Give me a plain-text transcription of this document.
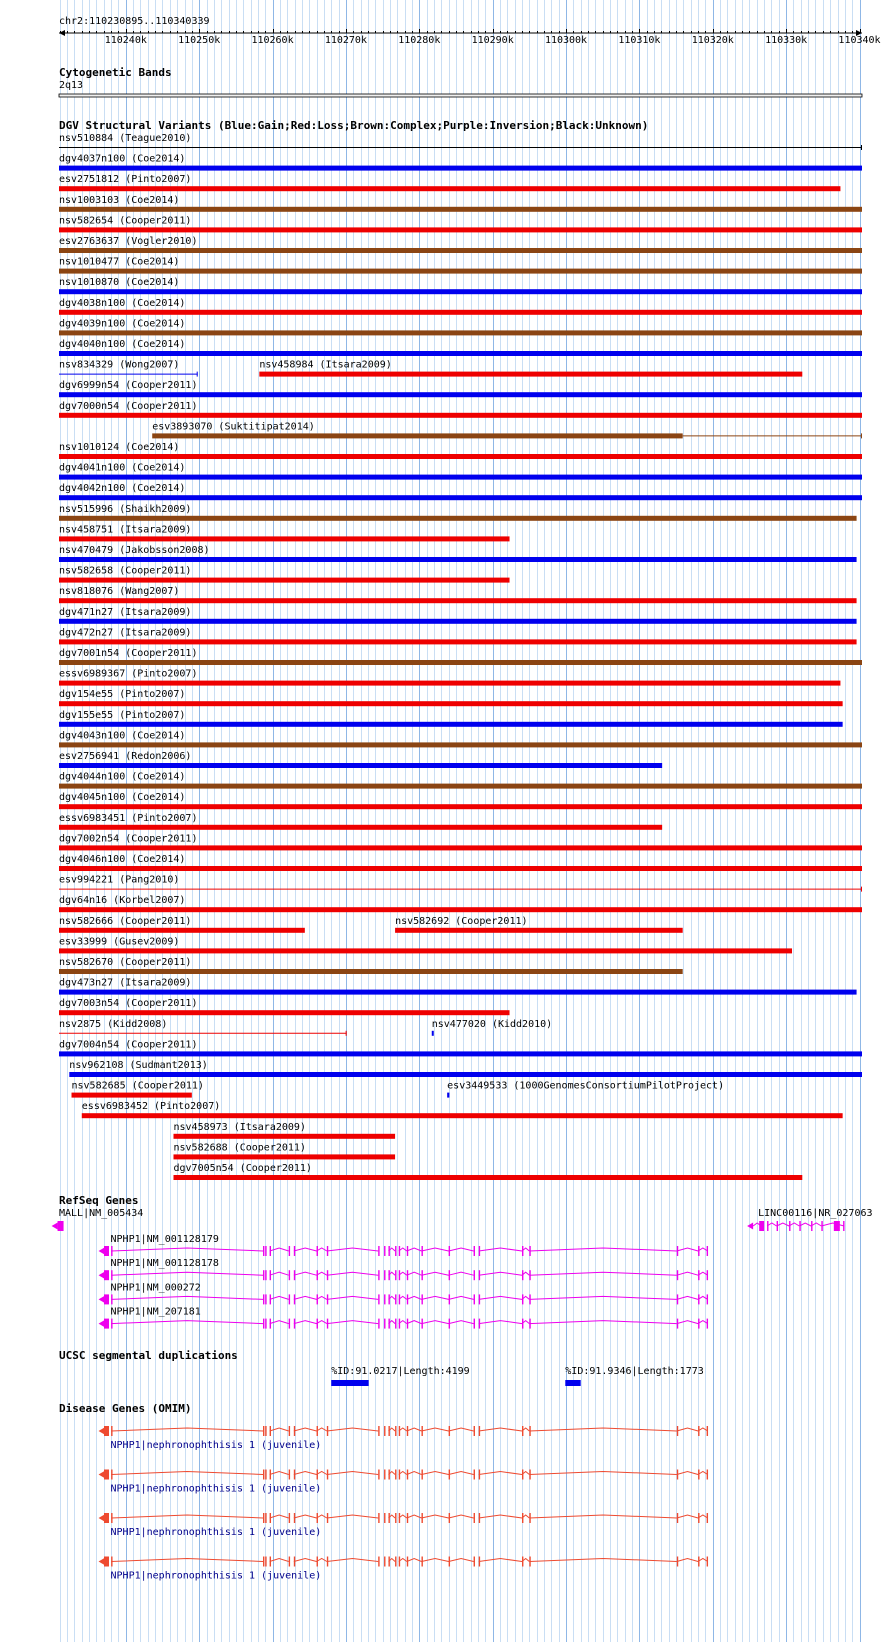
chr2:110230895..110340339
110240k	110250k	110260k	110270k	110280k	110290k	110300k	110310k	110320k	110330k	110340k
Cytogenetic Bands
2q13
DGV Structural Variants (Blue:Gain;Red:Loss;Brown:Complex;Purple:Inversion;Black:Unknown)
nsv510884 (Teague2010)
dgv4037n100 (Coe2014)
esv2751812 (Pinto2007)
nsv1003103 (Coe2014)
nsv582654 (Cooper2011)
esv2763637 (Vogler2010)
nsv1010477 (Coe2014)
nsv1010870 (Coe2014)
dgv4038n100 (Coe2014)
dgv4039n100 (Coe2014)
dgv4040n100 (Coe2014)
nsv834329 (Wong2007)	nsv458984 (Itsara2009)
dgv6999n54 (Cooper2011)
dgv7000n54 (Cooper2011)
esv3893070 (Suktitipat2014)
nsv1010124 (Coe2014)
dgv4041n100 (Coe2014)
dgv4042n100 (Coe2014)
nsv515996 (Shaikh2009)
nsv458751 (Itsara2009)
nsv470479 (Jakobsson2008)
nsv582658 (Cooper2011)
nsv818076 (Wang2007)
dgv471n27 (Itsara2009)
dgv472n27 (Itsara2009)
dgv7001n54 (Cooper2011)
essv6989367 (Pinto2007)
dgv154e55 (Pinto2007)
dgv155e55 (Pinto2007)
dgv4043n100 (Coe2014)
esv2756941 (Redon2006)
dgv4044n100 (Coe2014)
dgv4045n100 (Coe2014)
essv6983451 (Pinto2007)
dgv7002n54 (Cooper2011)
dgv4046n100 (Coe2014)
esv994221 (Pang2010)
dgv64n16 (Korbel2007)
nsv582666 (Cooper2011)	nsv582692 (Cooper2011)
esv33999 (Gusev2009)
nsv582670 (Cooper2011)
dgv473n27 (Itsara2009)
dgv7003n54 (Cooper2011)
nsv2875 (Kidd2008)	nsv477020 (Kidd2010)
dgv7004n54 (Cooper2011)
nsv962108 (Sudmant2013)
nsv582685 (Cooper2011)	esv3449533 (1000GenomesConsortiumPilotProject)
essv6983452 (Pinto2007)
nsv458973 (Itsara2009)
nsv582688 (Cooper2011)
dgv7005n54 (Cooper2011)
RefSeq Genes
MALL|NM_005434	LINC00116|NR_027063
NPHP1|NM_001128179
NPHP1|NM_001128178
NPHP1|NM_000272
NPHP1|NM_207181
UCSC segmental duplications
%ID:91.0217|Length:4199	%ID:91.9346|Length:1773
Disease Genes (OMIM)
NPHP1|nephronophthisis 1 (juvenile)
NPHP1|nephronophthisis 1 (juvenile)
NPHP1|nephronophthisis 1 (juvenile)
NPHP1|nephronophthisis 1 (juvenile)
